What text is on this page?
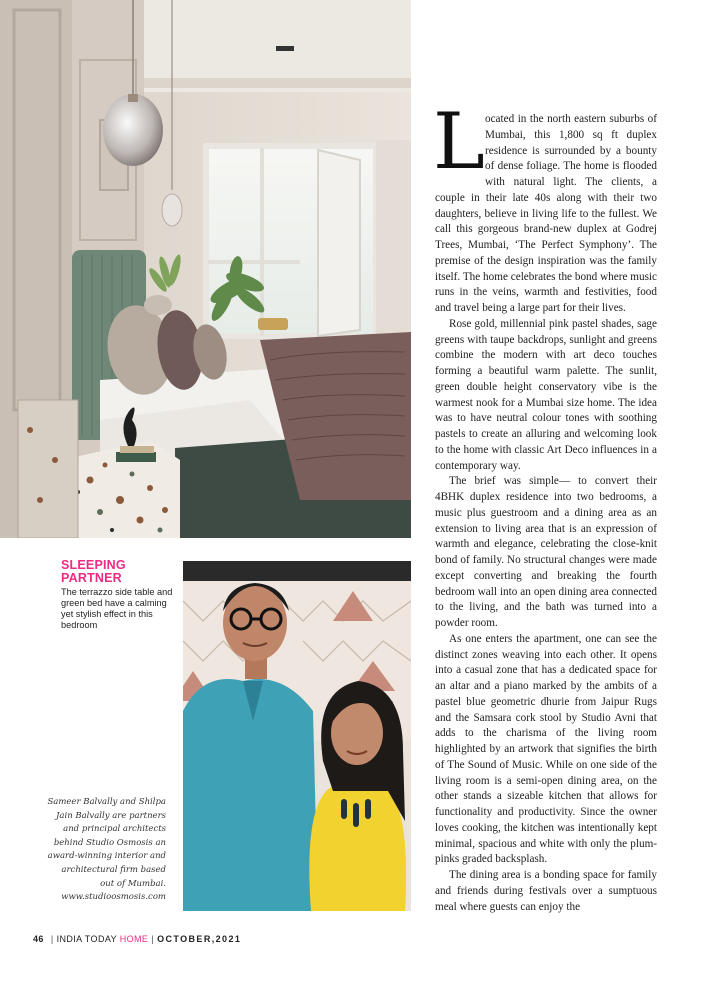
SLEEPING
PARTNER
The terrazzo side table and green bed have a calming yet stylish effect in this bedroom
Sameer Balvally and Shilpa Jain Balvally are partners and principal architects behind Studio Osmosis an award-winning interior and architectural firm based out of Mumbai. www.studioosmosis.com

Located in the north eastern suburbs of Mumbai, this 1,800 sq ft duplex residence is surrounded by a bounty of dense foliage. The home is flooded with natural light. The clients, a couple in their late 40s along with their two daughters, believe in living life to the fullest. We call this gorgeous brand-new duplex at Godrej Trees, Mumbai, ‘The Perfect Symphony’. The premise of the design inspiration was the family itself. The home celebrates the bond where music runs in the veins, warmth and festivities, food and travel being a large part for their lives.

Rose gold, millennial pink pastel shades, sage greens with taupe backdrops, sunlight and greens combine the modern with art deco touches forming a beautiful warm palette. The sunlit, green double height conservatory vibe is the warmest nook for a Mumbai size home. The idea was to have neutral colour tones with soothing pastels to create an alluring and welcoming look to the home with classic Art Deco influences in a contemporary way.

The brief was simple— to convert their 4BHK duplex residence into two bedrooms, a music plus guestroom and a dining area as an extension to living area that is an expression of warmth and elegance, celebrating the close-knit bond of family. No structural changes were made except converting and breaking the fourth bedroom wall into an open dining area connected to the living, and the bath was turned into a powder room.

As one enters the apartment, one can see the distinct zones weaving into each other. It opens into a casual zone that has a dedicated space for an altar and a piano marked by the ambits of a pastel blue geometric dhurie from Jaipur Rugs and the Samsara cork stool by Studio Avni that adds to the charisma of the living room highlighted by an artwork that signifies the birth of The Sound of Music. While on one side of the living room is a semi-open dining area, on the other stands a sizeable kitchen that allows for functionality and productivity. Since the owner loves cooking, the kitchen was intentionally kept minimal, spacious and white with only the plum-pinks graded backsplash.

The dining area is a bonding space for family and friends during festivals over a sumptuous meal where guests can enjoy the

46 | INDIA TODAY HOME | OCTOBER,2021
